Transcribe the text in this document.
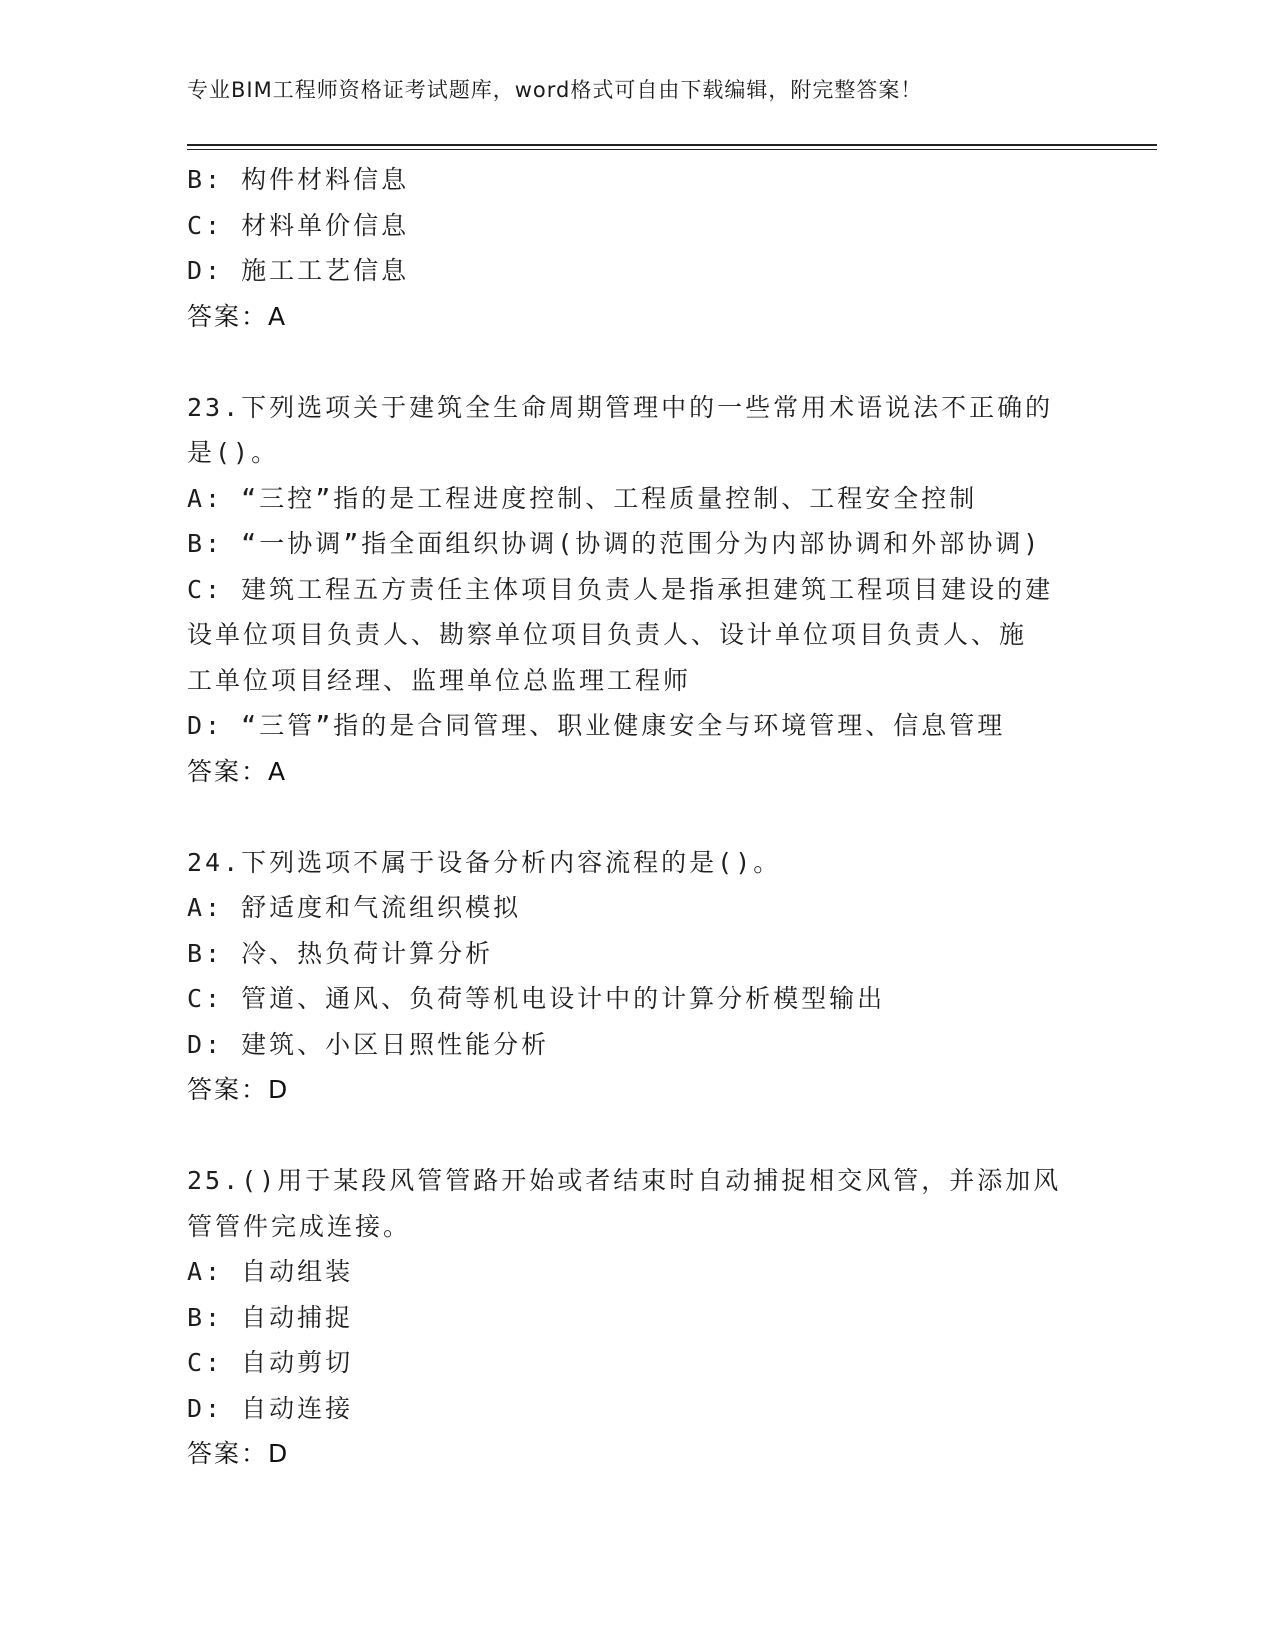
专业BIM工程师资格证考试题库，word格式可自由下载编辑，附完整答案！
B: 构件材料信息
C: 材料单价信息
D: 施工工艺信息
答案：A
23.下列选项关于建筑全生命周期管理中的一些常用术语说法不正确的
是()。
A: “三控”指的是工程进度控制、工程质量控制、工程安全控制
B: “一协调”指全面组织协调(协调的范围分为内部协调和外部协调)
C: 建筑工程五方责任主体项目负责人是指承担建筑工程项目建设的建
设单位项目负责人、勘察单位项目负责人、设计单位项目负责人、施
工单位项目经理、监理单位总监理工程师
D: “三管”指的是合同管理、职业健康安全与环境管理、信息管理
答案：A
24.下列选项不属于设备分析内容流程的是()。
A: 舒适度和气流组织模拟
B: 冷、热负荷计算分析
C: 管道、通风、负荷等机电设计中的计算分析模型输出
D: 建筑、小区日照性能分析
答案：D
25.()用于某段风管管路开始或者结束时自动捕捉相交风管，并添加风
管管件完成连接。
A: 自动组装
B: 自动捕捉
C: 自动剪切
D: 自动连接
答案：D
